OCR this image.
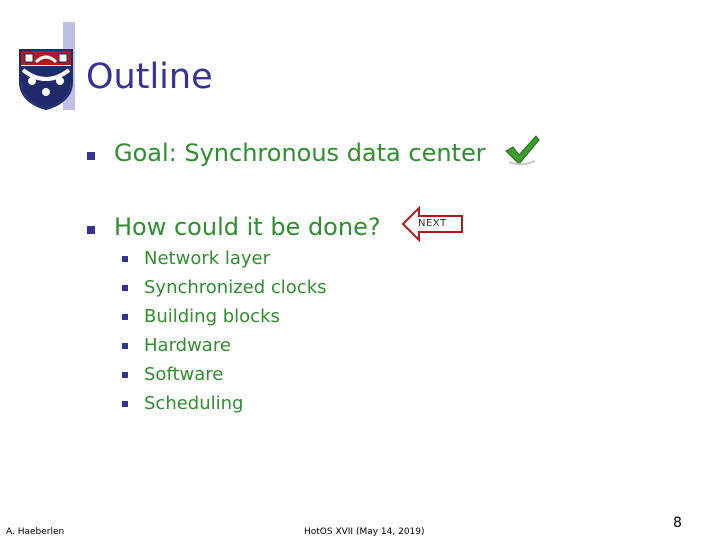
Outline
Goal: Synchronous data center
How could it be done?	NEXT
Network layer
Synchronized clocks
Building blocks
Hardware
Software
Scheduling
A. Haeberlen	HotOS XVII (May 14, 2019)
8
